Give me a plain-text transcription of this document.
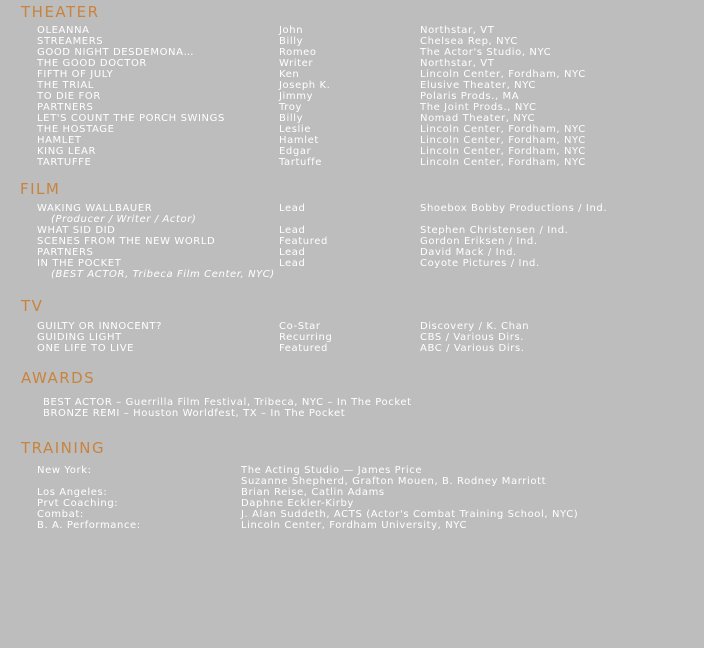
THEATER
OLEANNA	John	Northstar, VT
STREAMERS	Billy	Chelsea Rep, NYC
GOOD NIGHT DESDEMONA…	Romeo	The Actor's Studio, NYC
THE GOOD DOCTOR	Writer	Northstar, VT
FIFTH OF JULY	Ken	Lincoln Center, Fordham, NYC
THE TRIAL	Joseph K.	Elusive Theater, NYC
TO DIE FOR	Jimmy	Polaris Prods., MA
PARTNERS	Troy	The Joint Prods., NYC
LET'S COUNT THE PORCH SWINGS	Billy	Nomad Theater, NYC
THE HOSTAGE	Leslie	Lincoln Center, Fordham, NYC
HAMLET	Hamlet	Lincoln Center, Fordham, NYC
KING LEAR	Edgar	Lincoln Center, Fordham, NYC
TARTUFFE	Tartuffe	Lincoln Center, Fordham, NYC
FILM
WAKING WALLBAUER	Lead	Shoebox Bobby Productions / Ind.
(Producer / Writer / Actor)
WHAT SID DID	Lead	Stephen Christensen / Ind.
SCENES FROM THE NEW WORLD	Featured	Gordon Eriksen / Ind.
PARTNERS	Lead	David Mack / Ind.
IN THE POCKET	Lead	Coyote Pictures / Ind.
(BEST ACTOR, Tribeca Film Center, NYC)
TV
GUILTY OR INNOCENT?	Co-Star	Discovery / K. Chan
GUIDING LIGHT	Recurring	CBS / Various Dirs.
ONE LIFE TO LIVE	Featured	ABC / Various Dirs.
AWARDS
BEST ACTOR – Guerrilla Film Festival, Tribeca, NYC – In The Pocket
BRONZE REMI – Houston Worldfest, TX – In The Pocket
TRAINING
New York:	The Acting Studio — James Price
Suzanne Shepherd, Grafton Mouen, B. Rodney Marriott
Los Angeles:	Brian Reise, Catlin Adams
Prvt Coaching:	Daphne Eckler-Kirby
Combat:	J. Alan Suddeth, ACTS (Actor's Combat Training School, NYC)
B. A. Performance:	Lincoln Center, Fordham University, NYC
